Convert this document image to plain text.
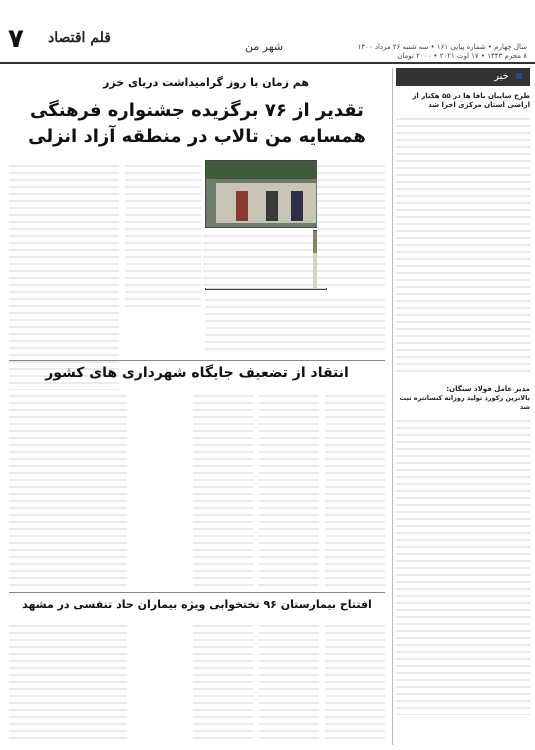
۷ قلم اقتصاد
شهر من	سال چهارم • شماره پیاپی ۱۶۱ • سه شنبه ۲۶ مرداد ۱۴۰۰
۸ محرم ۱۴۴۳ • ۱۷ اوت ۲۰۲۱ • ۲۰۰۰ تومان
خبر
طرح سایبان بافا ها در ۵۵ هکتار از اراضی استان مرکزی اجرا شد
مدیر عامل فولاد سنگان:
بالاترین رکورد تولید روزانه کنسانتره ثبت شد
هم زمان با روز گرامیداشت دریای خزر
تقدیر از ۷۶ برگزیده جشنواره فرهنگی همسایه من تالاب در منطقه آزاد انزلی
انتقاد از تضعیف جایگاه شهرداری های کشور
افتتاح بیمارستان ۹۶ تختخوابی ویژه بیماران حاد تنفسی در مشهد
